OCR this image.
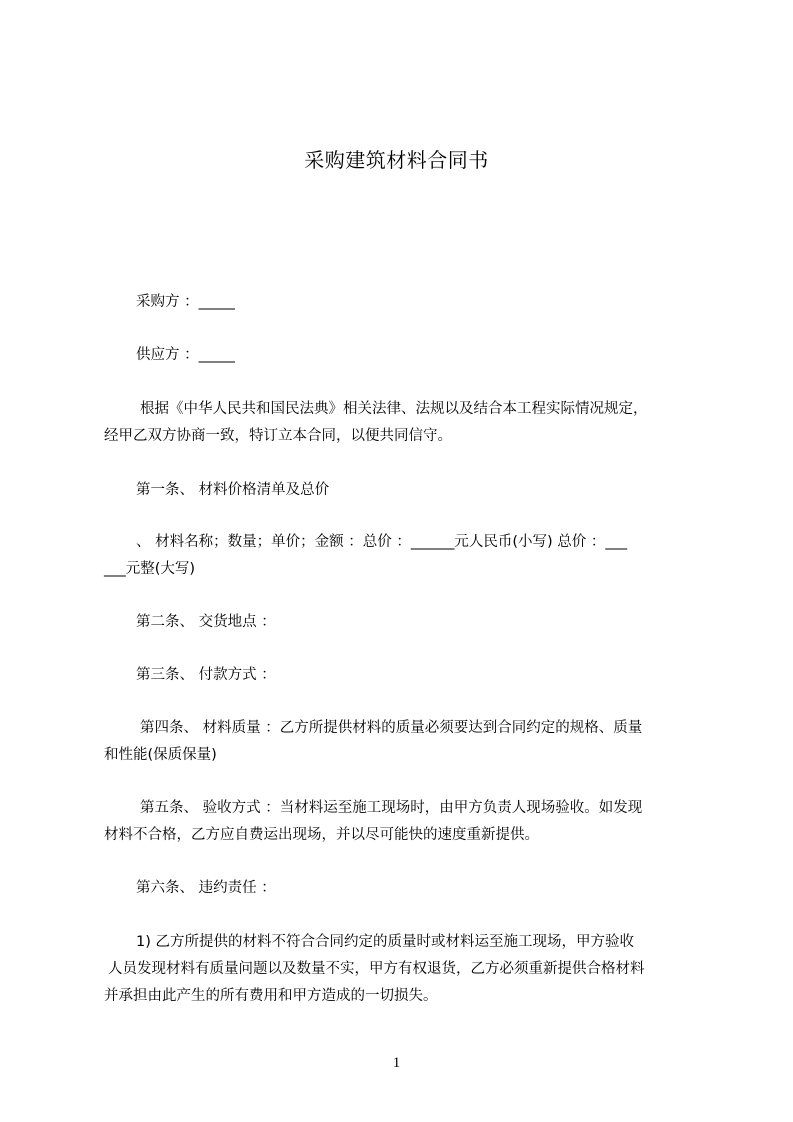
采购建筑材料合同书
采购方 ：_____
供应方 ：_____
根据《中华人民共和国民法典》相关法律、法规以及结合本工程实际情况规定，
经甲乙双方协商一致，特订立本合同，以便共同信守。
第一条、 材料价格清单及总价
、 材料名称；数量；单价；金额 ：总价 ：______元人民币(小写) 总价 ：___
___元整(大写)
第二条、 交货地点 ：
第三条、 付款方式 ：
第四条、 材料质量 ：乙方所提供材料的质量必须要达到合同约定的规格、质量
和性能(保质保量)
第五条、 验收方式 ：当材料运至施工现场时，由甲方负责人现场验收。如发现
材料不合格，乙方应自费运出现场，并以尽可能快的速度重新提供。
第六条、 违约责任 ：
1) 乙方所提供的材料不符合合同约定的质量时或材料运至施工现场，甲方验收
人员发现材料有质量问题以及数量不实，甲方有权退货，乙方必须重新提供合格材料
并承担由此产生的所有费用和甲方造成的一切损失。
1
